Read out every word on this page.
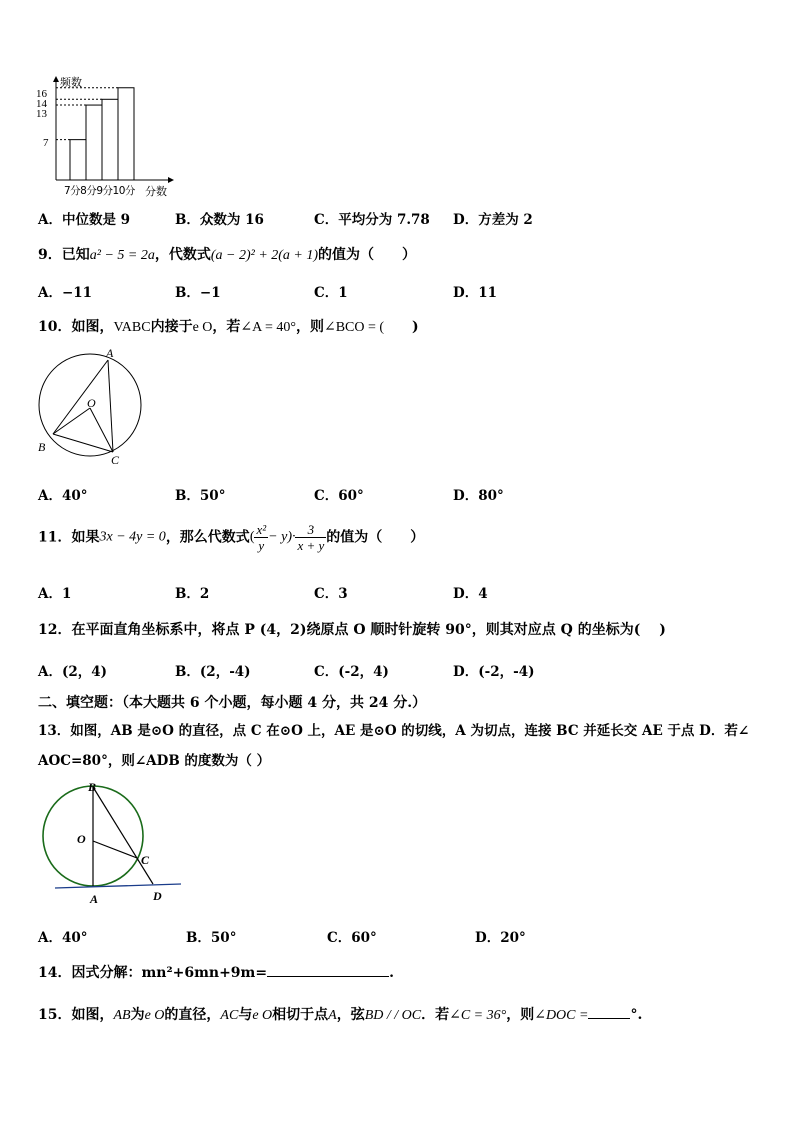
频数
16
14
13
7
7分8分9分10分 分数
A．中位数是 9	B．众数为 16	C．平均分为 7.78 D．方差为 2
9．已知a² − 5 = 2a，代数式(a − 2)² + 2(a + 1)的值为（　　）
A．−11	B．−1	C．1	D．11
10．如图，VABC内接于e O，若∠A = 40°，则∠BCO = (　　)
A
O
B
C
A．40°	B．50°	C．60°	D．80°
11．如果3x − 4y = 0，那么代数式( $\frac{\text{x²}}{y} - y)\cdot \frac{3}{x + y}$ 的值为（　　）
A．1	B．2	C．3	D．4
12．在平面直角坐标系中，将点 P (4，2)绕原点 O 顺时针旋转 90°，则其对应点 Q 的坐标为(　 )
A．(2，4)	B．(2，-4)	C．(-2，4)	D．(-2，-4)
二、填空题：（本大题共 6 个小题，每小题 4 分，共 24 分.）
13．如图，AB 是⊙O 的直径，点 C 在⊙O 上，AE 是⊙O 的切线，A 为切点，连接 BC 并延长交 AE 于点 D．若∠
AOC=80°，则∠ADB 的度数为（ ）
B
O
C
A	D
A．40°	B．50°	C．60°	D．20°
14．因式分解：mn²+6mn+9m=	.
15．如图，AB为e O的直径，AC与e O相切于点A，弦BD / / OC．若∠C = 36°，则∠DOC =	°.
